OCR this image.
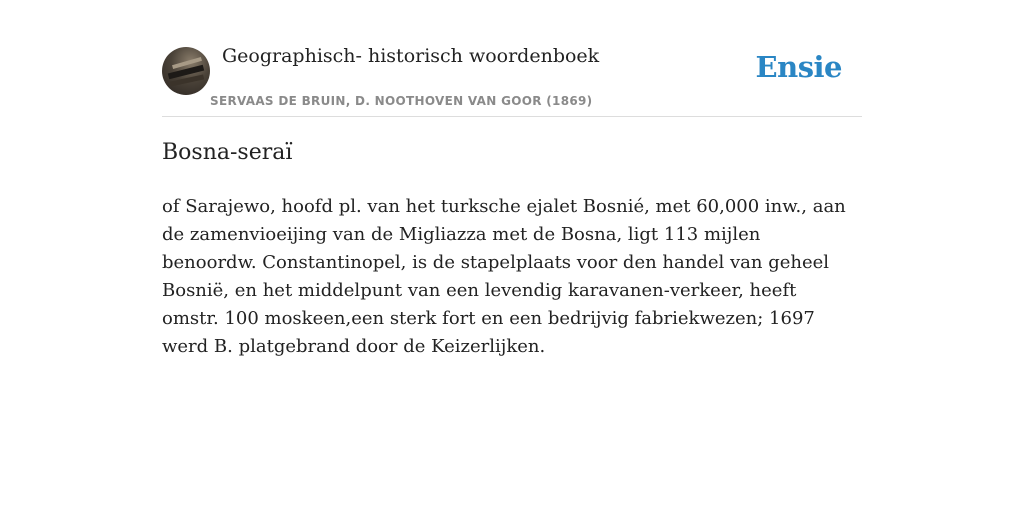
Geographisch- historisch woordenboek
SERVAAS DE BRUIN, D. NOOTHOVEN VAN GOOR (1869)
Ensie
Bosna-seraï

of Sarajewo, hoofd pl. van het turksche ejalet Bosnié, met 60,000 inw., aan de zamenvioeijing van de Migliazza met de Bosna, ligt 113 mijlen benoordw. Constantinopel, is de stapelplaats voor den handel van geheel Bosnië, en het middelpunt van een levendig karavanen-verkeer, heeft omstr. 100 moskeen,een sterk fort en een bedrijvig fabriekwezen; 1697 werd B. platgebrand door de Keizerlijken.
